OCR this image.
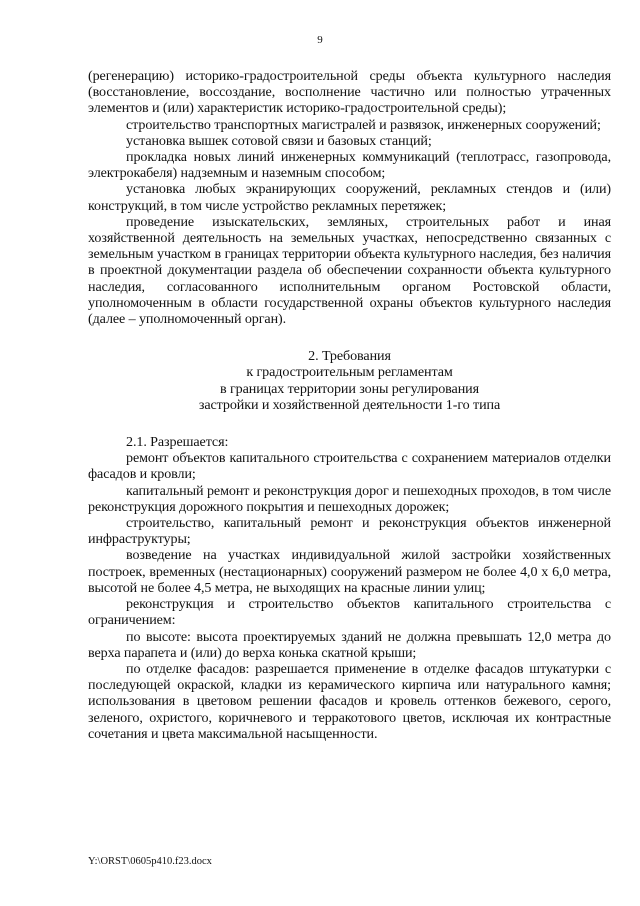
9

(регенерацию) историко-градостроительной среды объекта культурного наследия (восстановление, воссоздание, восполнение частично или полностью утраченных элементов и (или) характеристик историко-градостроительной среды);

строительство транспортных магистралей и развязок, инженерных сооружений;

установка вышек сотовой связи и базовых станций;

прокладка новых линий инженерных коммуникаций (теплотрасс, газопровода, электрокабеля) надземным и наземным способом;

установка любых экранирующих сооружений, рекламных стендов и (или) конструкций, в том числе устройство рекламных перетяжек;

проведение изыскательских, земляных, строительных работ и иная хозяйственной деятельность на земельных участках, непосредственно связанных с земельным участком в границах территории объекта культурного наследия, без наличия в проектной документации раздела об обеспечении сохранности объекта культурного наследия, согласованного исполнительным органом Ростовской области, уполномоченным в области государственной охраны объектов культурного наследия (далее – уполномоченный орган).

2. Требования

к градостроительным регламентам

в границах территории зоны регулирования

застройки и хозяйственной деятельности 1-го типа

2.1. Разрешается:

ремонт объектов капитального строительства с сохранением материалов отделки фасадов и кровли;

капитальный ремонт и реконструкция дорог и пешеходных проходов, в том числе реконструкция дорожного покрытия и пешеходных дорожек;

строительство, капитальный ремонт и реконструкция объектов инженерной инфраструктуры;

возведение на участках индивидуальной жилой застройки хозяйственных построек, временных (нестационарных) сооружений размером не более 4,0 х 6,0 метра, высотой не более 4,5 метра, не выходящих на красные линии улиц;

реконструкция и строительство объектов капитального строительства с ограничением:

по высоте: высота проектируемых зданий не должна превышать 12,0 метра до верха парапета и (или) до верха конька скатной крыши;

по отделке фасадов: разрешается применение в отделке фасадов штукатурки с последующей окраской, кладки из керамического кирпича или натурального камня; использования в цветовом решении фасадов и кровель оттенков бежевого, серого, зеленого, охристого, коричневого и терракотового цветов, исключая их контрастные сочетания и цвета максимальной насыщенности.

Y:\ORST\0605p410.f23.docx
